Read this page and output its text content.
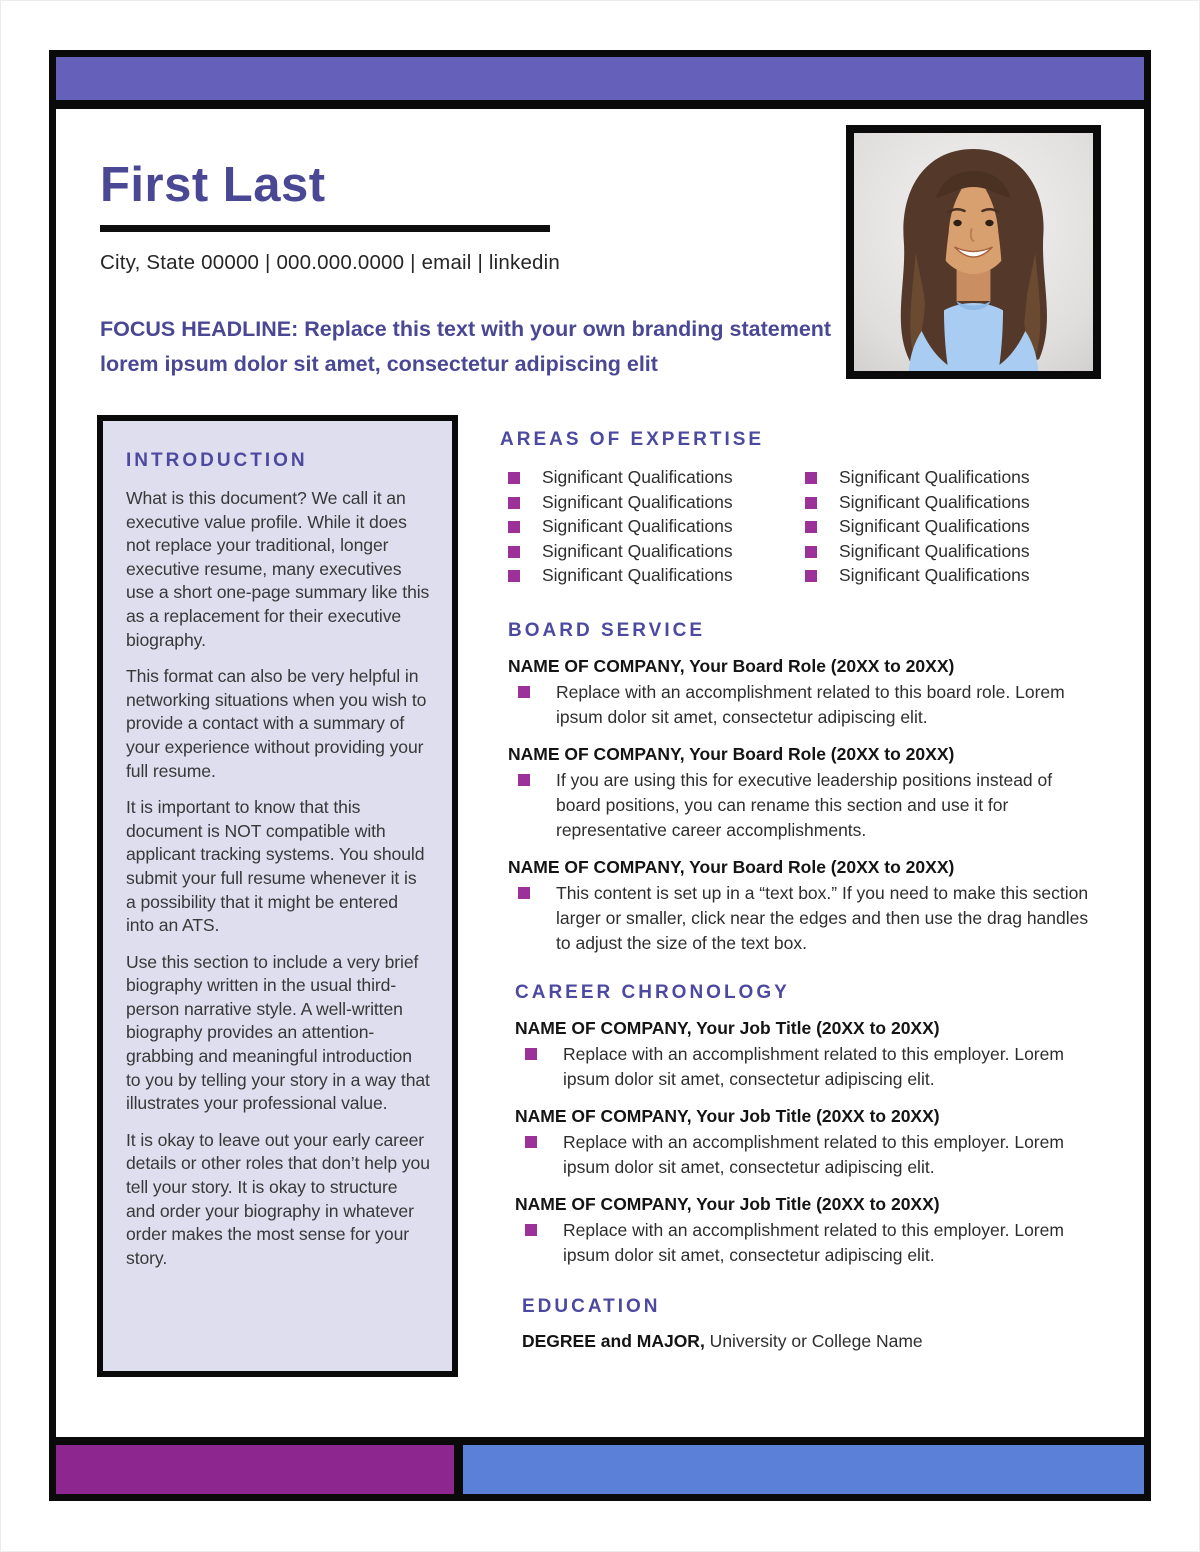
First Last
City, State 00000 | 000.000.0000 | email | linkedin
FOCUS HEADLINE: Replace this text with your own branding statement lorem ipsum dolor sit amet, consectetur adipiscing elit
INTRODUCTION

What is this document? We call it an executive value profile. While it does not replace your traditional, longer executive resume, many executives use a short one-page summary like this as a replacement for their executive biography.

This format can also be very helpful in networking situations when you wish to provide a contact with a summary of your experience without providing your full resume.

It is important to know that this document is NOT compatible with applicant tracking systems. You should submit your full resume whenever it is a possibility that it might be entered into an ATS.

Use this section to include a very brief biography written in the usual third-person narrative style. A well-written biography provides an attention-grabbing and meaningful introduction to you by telling your story in a way that illustrates your professional value.

It is okay to leave out your early career details or other roles that don’t help you tell your story. It is okay to structure and order your biography in whatever order makes the most sense for your story.

AREAS OF EXPERTISE
Significant Qualifications	Significant Qualifications
Significant Qualifications	Significant Qualifications
Significant Qualifications	Significant Qualifications
Significant Qualifications	Significant Qualifications
Significant Qualifications	Significant Qualifications
BOARD SERVICE
NAME OF COMPANY, Your Board Role (20XX to 20XX)
Replace with an accomplishment related to this board role. Lorem ipsum dolor sit amet, consectetur adipiscing elit.
NAME OF COMPANY, Your Board Role (20XX to 20XX)
If you are using this for executive leadership positions instead of board positions, you can rename this section and use it for representative career accomplishments.
NAME OF COMPANY, Your Board Role (20XX to 20XX)
This content is set up in a “text box.” If you need to make this section larger or smaller, click near the edges and then use the drag handles to adjust the size of the text box.
CAREER CHRONOLOGY
NAME OF COMPANY, Your Job Title (20XX to 20XX)
Replace with an accomplishment related to this employer. Lorem ipsum dolor sit amet, consectetur adipiscing elit.
NAME OF COMPANY, Your Job Title (20XX to 20XX)
Replace with an accomplishment related to this employer. Lorem ipsum dolor sit amet, consectetur adipiscing elit.
NAME OF COMPANY, Your Job Title (20XX to 20XX)
Replace with an accomplishment related to this employer. Lorem ipsum dolor sit amet, consectetur adipiscing elit.
EDUCATION
DEGREE and MAJOR, University or College Name
